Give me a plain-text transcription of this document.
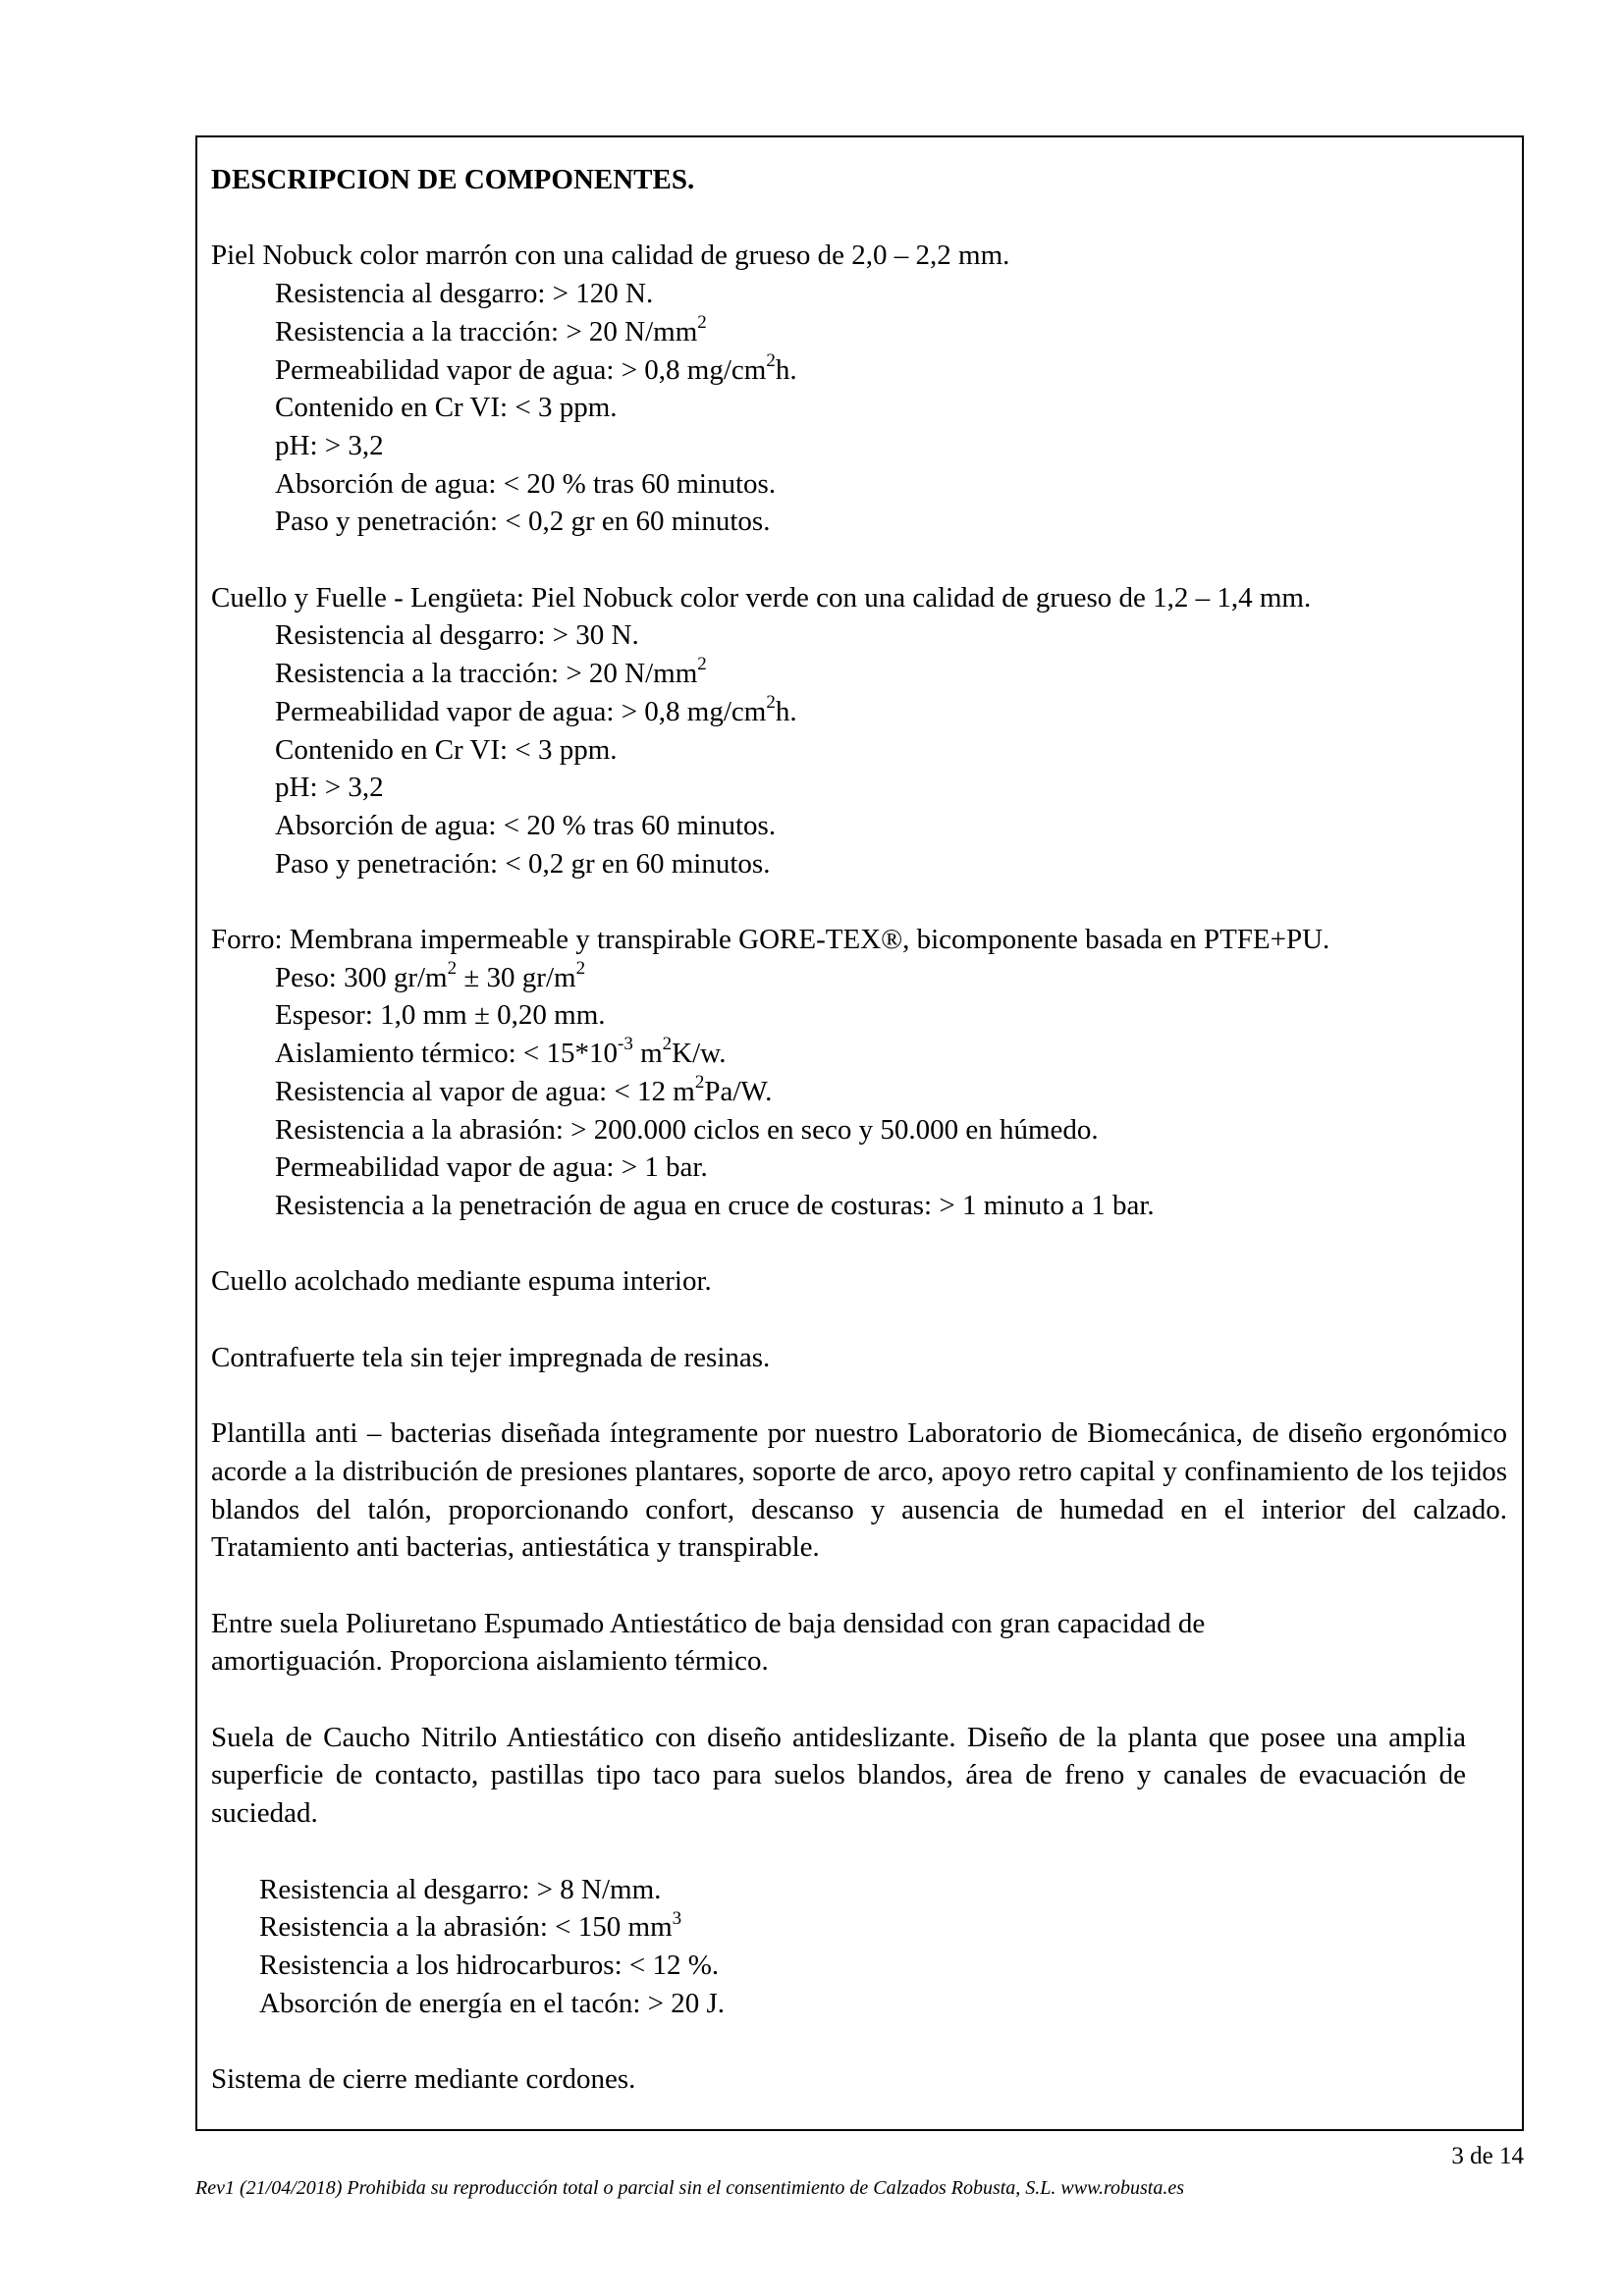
DESCRIPCION DE COMPONENTES.
Piel Nobuck color marrón con una calidad de grueso de 2,0 – 2,2 mm.
Resistencia al desgarro: > 120 N.
Resistencia a la tracción: > 20 $N/mm^2$
Permeabilidad vapor de agua: > 0,8 $mg/cm^2h$.
Contenido en Cr VI: < 3 ppm.
pH: > 3,2
Absorción de agua: < 20 % tras 60 minutos.
Paso y penetración: < 0,2 gr en 60 minutos.
Cuello y Fuelle - Lengüeta: Piel Nobuck color verde con una calidad de grueso de 1,2 – 1,4 mm.
Resistencia al desgarro: > 30 N.
Resistencia a la tracción: > 20 $N/mm^2$
Permeabilidad vapor de agua: > 0,8 $mg/cm^2h$.
Contenido en Cr VI: < 3 ppm.
pH: > 3,2
Absorción de agua: < 20 % tras 60 minutos.
Paso y penetración: < 0,2 gr en 60 minutos.
Forro: Membrana impermeable y transpirable GORE-TEX®, bicomponente basada en PTFE+PU.
Peso: 300 $gr/m^2 \pm 30$ $gr/m^2$
Espesor: 1,0 mm ± 0,20 mm.
Aislamiento térmico: < $15*10^{-3}$ $m^2K/w$.
Resistencia al vapor de agua: < 12 $m^2Pa/W$.
Resistencia a la abrasión: > 200.000 ciclos en seco y 50.000 en húmedo.
Permeabilidad vapor de agua: > 1 bar.
Resistencia a la penetración de agua en cruce de costuras: > 1 minuto a 1 bar.
Cuello acolchado mediante espuma interior.
Contrafuerte tela sin tejer impregnada de resinas.
Plantilla anti – bacterias diseñada íntegramente por nuestro Laboratorio de Biomecánica, de diseño ergonómico acorde a la distribución de presiones plantares, soporte de arco, apoyo retro capital y confinamiento de los tejidos blandos del talón, proporcionando confort, descanso y ausencia de humedad en el interior del calzado. Tratamiento anti bacterias, antiestática y transpirable.
Entre suela Poliuretano Espumado Antiestático de baja densidad con gran capacidad de amortiguación. Proporciona aislamiento térmico.
Suela de Caucho Nitrilo Antiestático con diseño antideslizante. Diseño de la planta que posee una amplia superficie de contacto, pastillas tipo taco para suelos blandos, área de freno y canales de evacuación de suciedad.
Resistencia al desgarro: > 8 N/mm.
Resistencia a la abrasión: < 150 $mm^3$
Resistencia a los hidrocarburos: < 12 %.
Absorción de energía en el tacón: > 20 J.
Sistema de cierre mediante cordones.
3 de 14
Rev1 (21/04/2018) Prohibida su reproducción total o parcial sin el consentimiento de Calzados Robusta, S.L. www.robusta.es
